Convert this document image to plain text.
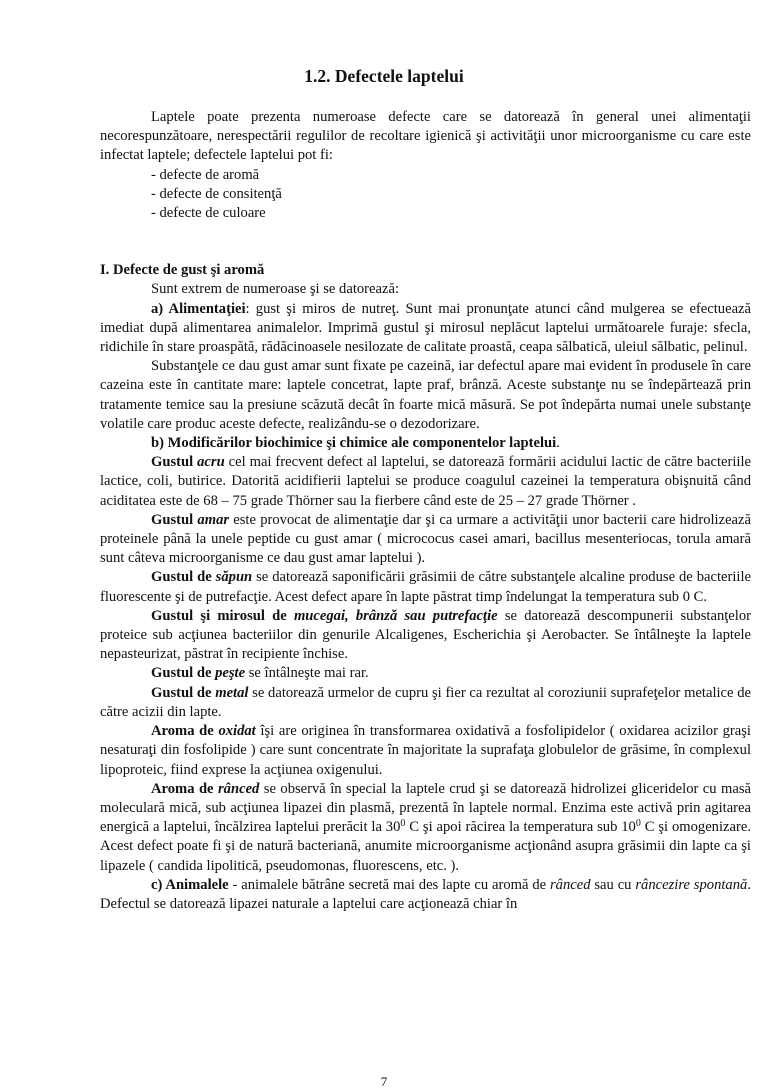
1.2. Defectele laptelui

Laptele poate prezenta numeroase defecte care se datorează în general unei alimentaţii necorespunzătoare, nerespectării regulilor de recoltare igienică şi activităţii unor microorganisme cu care este infectat laptele; defectele laptelui pot fi:

- defecte de aromă

- defecte de consitenţă

- defecte de culoare

I. Defecte de gust şi aromă

Sunt extrem de numeroase şi se datorează:

a) Alimentaţiei: gust şi miros de nutreţ. Sunt mai pronunţate atunci când mulgerea se efectuează imediat după alimentarea animalelor. Imprimă gustul şi mirosul neplăcut laptelui următoarele furaje: sfecla, ridichile în stare proaspătă, rădăcinoasele nesilozate de calitate proastă, ceapa sălbatică, uleiul sălbatic, pelinul.

Substanţele ce dau gust amar sunt fixate pe cazeină, iar defectul apare mai evident în produsele în care cazeina este în cantitate mare: laptele concetrat, lapte praf, brânză. Aceste substanţe nu se îndepărtează prin tratamente temice sau la presiune scăzută decât în foarte mică măsură. Se pot îndepărta numai unele substanţe volatile care produc aceste defecte, realizându-se o dezodorizare.

b) Modificărilor biochimice şi chimice ale componentelor laptelui.

Gustul acru cel mai frecvent defect al laptelui, se datorează formării acidului lactic de către bacteriile lactice, coli, butirice. Datorită acidifierii laptelui se produce coagulul cazeinei la temperatura obişnuită când aciditatea este de 68 – 75 grade Thörner sau la fierbere când este de 25 – 27 grade Thörner .

Gustul amar este provocat de alimentaţie dar şi ca urmare a activităţii unor bacterii care hidrolizează proteinele până la unele peptide cu gust amar ( micrococus casei amari, bacillus mesenteriocas, torula amară sunt câteva microorganisme ce dau gust amar laptelui ).

Gustul de săpun se datorează saponificării grăsimii de către substanţele alcaline produse de bacteriile fluorescente şi de putrefacţie. Acest defect apare în lapte păstrat timp îndelungat la temperatura sub 0 C.

Gustul şi mirosul de mucegai, brânză sau putrefacţie se datorează descompunerii substanţelor proteice sub acţiunea bacteriilor din genurile Alcaligenes, Escherichia şi Aerobacter. Se întâlneşte la laptele nepasteurizat, păstrat în recipiente închise.

Gustul de peşte se întâlneşte mai rar.

Gustul de metal se datorează urmelor de cupru şi fier ca rezultat al coroziunii suprafeţelor metalice de către acizii din lapte.

Aroma de oxidat îşi are originea în transformarea oxidativă a fosfolipidelor ( oxidarea acizilor graşi nesaturaţi din fosfolipide ) care sunt concentrate în majoritate la suprafaţa globulelor de grăsime, în complexul lipoproteic, fiind exprese la acţiunea oxigenului.

Aroma de rânced se observă în special la laptele crud şi se datorează hidrolizei gliceridelor cu masă moleculară mică, sub acţiunea lipazei din plasmă, prezentă în laptele normal. Enzima este activă prin agitarea energică a laptelui, încălzirea laptelui prerăcit la $30^0$ C şi apoi răcirea la temperatura sub $10^0$ C şi omogenizare. Acest defect poate fi şi de natură bacteriană, anumite microorganisme acţionând asupra grăsimii din lapte ca şi lipazele ( candida lipolitică, pseudomonas, fluorescens, etc. ).

c) Animalele - animalele bătrâne secretă mai des lapte cu aromă de rânced sau cu râncezire spontană. Defectul se datorează lipazei naturale a laptelui care acţionează chiar în

7
